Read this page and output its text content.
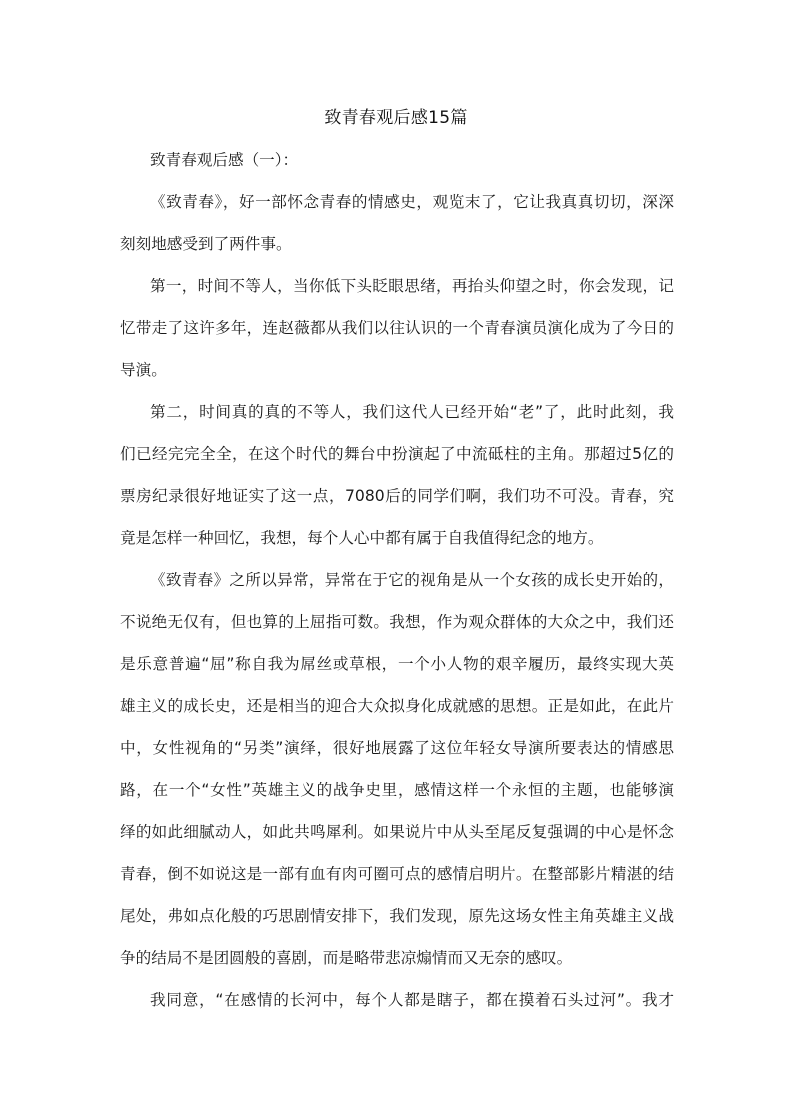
致青春观后感15篇
致青春观后感（一）：
《致青春》，好一部怀念青春的情感史，观览末了，它让我真真切切，深深
刻刻地感受到了两件事。
第一，时间不等人，当你低下头眨眼思绪，再抬头仰望之时，你会发现，记
忆带走了这许多年，连赵薇都从我们以往认识的一个青春演员演化成为了今日的
导演。
第二，时间真的真的不等人，我们这代人已经开始“老”了，此时此刻，我
们已经完完全全，在这个时代的舞台中扮演起了中流砥柱的主角。那超过5亿的
票房纪录很好地证实了这一点，7080后的同学们啊，我们功不可没。青春，究
竟是怎样一种回忆，我想，每个人心中都有属于自我值得纪念的地方。
《致青春》之所以异常，异常在于它的视角是从一个女孩的成长史开始的，
不说绝无仅有，但也算的上屈指可数。我想，作为观众群体的大众之中，我们还
是乐意普遍“屈”称自我为屌丝或草根，一个小人物的艰辛履历，最终实现大英
雄主义的成长史，还是相当的迎合大众拟身化成就感的思想。正是如此，在此片
中，女性视角的“另类”演绎，很好地展露了这位年轻女导演所要表达的情感思
路，在一个“女性”英雄主义的战争史里，感情这样一个永恒的主题，也能够演
绎的如此细腻动人，如此共鸣犀利。如果说片中从头至尾反复强调的中心是怀念
青春，倒不如说这是一部有血有肉可圈可点的感情启明片。在整部影片精湛的结
尾处，弗如点化般的巧思剧情安排下，我们发现，原先这场女性主角英雄主义战
争的结局不是团圆般的喜剧，而是略带悲凉煽情而又无奈的感叹。
我同意，“在感情的长河中，每个人都是瞎子，都在摸着石头过河”。我才
